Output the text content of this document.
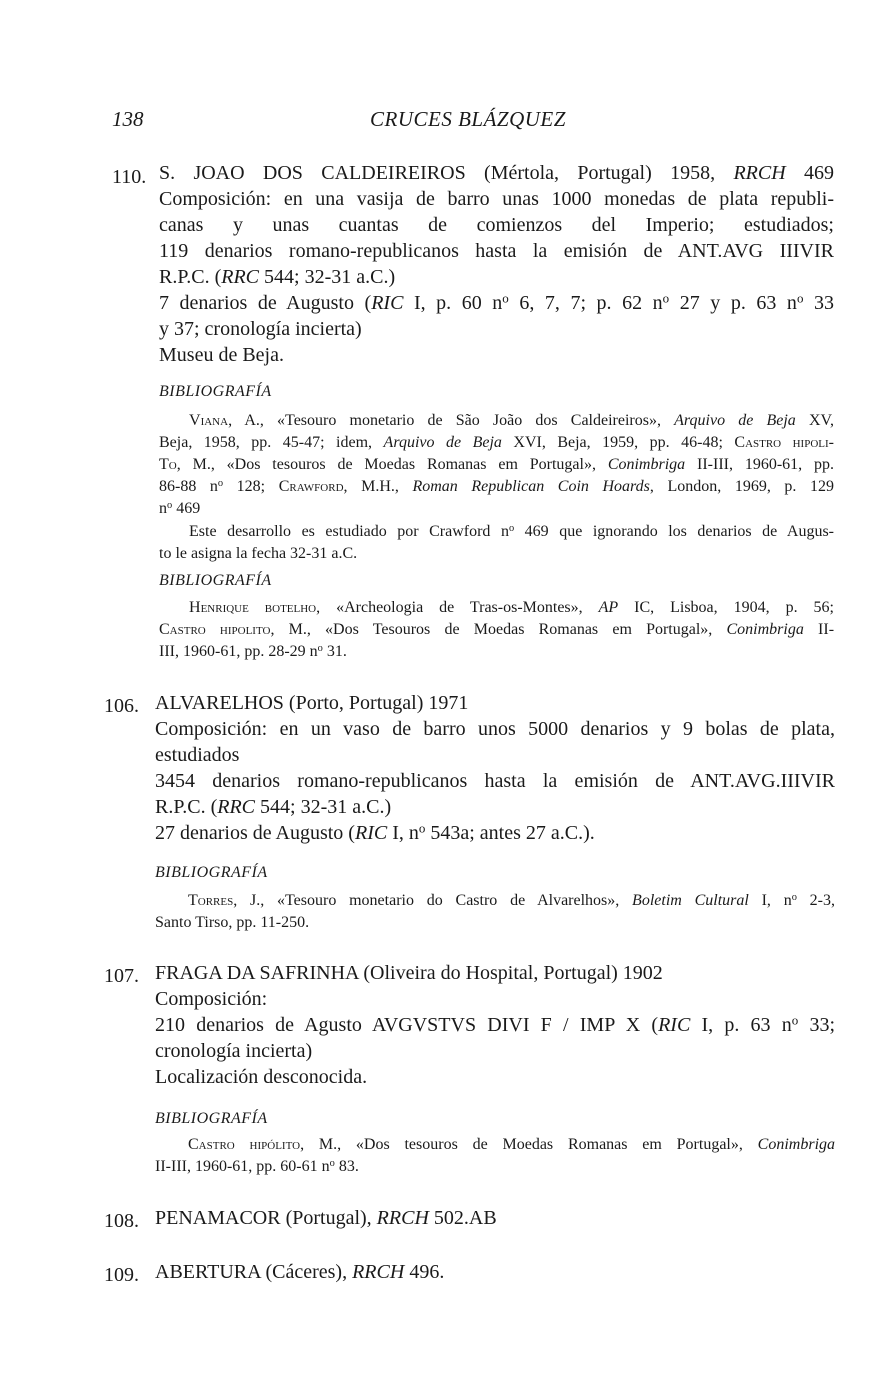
138	CRUCES BLÁZQUEZ
110. S. JOAO DOS CALDEIREIROS (Mértola, Portugal) 1958, RRCH 469
Composición: en una vasija de barro unas 1000 monedas de plata republi-
canas y unas cuantas de comienzos del Imperio; estudiados;
119 denarios romano-republicanos hasta la emisión de ANT.AVG IIIVIR
R.P.C. (RRC 544; 32-31 a.C.)
7 denarios de Augusto (RIC I, p. 60 $n^o$ 6, 7, 7; p. 62 $n^o$ 27 y p. 63 $n^o$ 33
y 37; cronología incierta)
Museu de Beja.
BIBLIOGRAFÍA
Viana, A., «Tesouro monetario de São João dos Caldeireiros», Arquivo de Beja XV,
Beja, 1958, pp. 45-47; idem, Arquivo de Beja XVI, Beja, 1959, pp. 46-48; Castro hipoli-
To, M., «Dos tesouros de Moedas Romanas em Portugal», Conimbriga II-III, 1960-61, pp.
86-88 $n^o$ 128; Crawford, M.H., Roman Republican Coin Hoards, London, 1969, p. 129
$n^o$ 469
Este desarrollo es estudiado por Crawford $n^o$ 469 que ignorando los denarios de Augus-
to le asigna la fecha 32-31 a.C.
BIBLIOGRAFÍA
Henrique botelho, «Archeologia de Tras-os-Montes», AP IC, Lisboa, 1904, p. 56;
Castro hipolito, M., «Dos Tesouros de Moedas Romanas em Portugal», Conimbriga II-
III, 1960-61, pp. 28-29 $n^o$ 31.
106. ALVARELHOS (Porto, Portugal) 1971
Composición: en un vaso de barro unos 5000 denarios y 9 bolas de plata,
estudiados
3454 denarios romano-republicanos hasta la emisión de ANT.AVG.IIIVIR
R.P.C. (RRC 544; 32-31 a.C.)
27 denarios de Augusto (RIC I, $n^o$ 543a; antes 27 a.C.).
BIBLIOGRAFÍA
Torres, J., «Tesouro monetario do Castro de Alvarelhos», Boletim Cultural I, $n^o$ 2-3,
Santo Tirso, pp. 11-250.
107. FRAGA DA SAFRINHA (Oliveira do Hospital, Portugal) 1902
Composición:
210 denarios de Agusto AVGVSTVS DIVI F / IMP X (RIC I, p. 63 $n^o$ 33;
cronología incierta)
Localización desconocida.
BIBLIOGRAFÍA
Castro hipólito, M., «Dos tesouros de Moedas Romanas em Portugal», Conimbriga
II-III, 1960-61, pp. 60-61 $n^o$ 83.
108. PENAMACOR (Portugal), RRCH 502.AB
109. ABERTURA (Cáceres), RRCH 496.
